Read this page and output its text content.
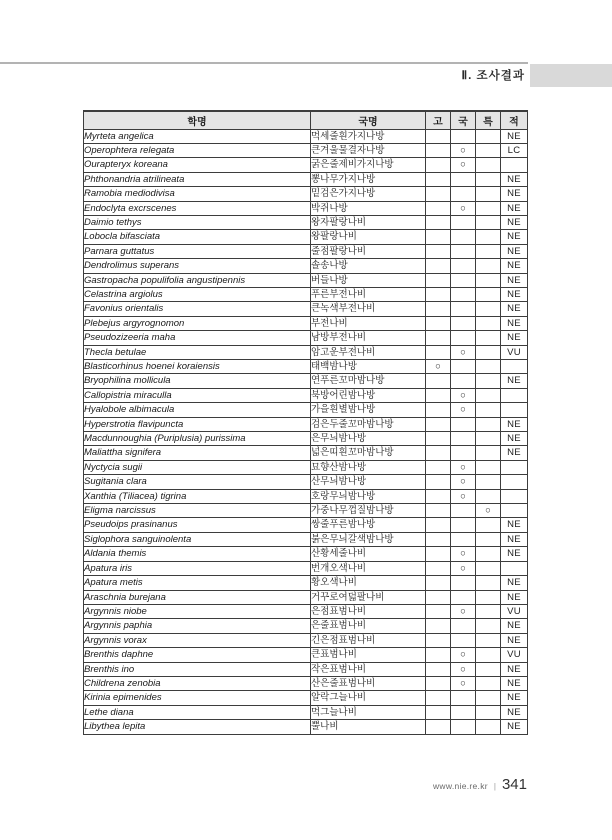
Ⅱ. 조사결과
학명	국명	고	국	특	적
Myrteta angelica	먹세줄흰가지나방				NE
Operophtera relegata	큰겨울물결자나방		○		LC
Ourapteryx koreana	굵은줄제비가지나방		○		
Phthonandria atrilineata	뽕나무가지나방				NE
Ramobia mediodivisa	밑검은가지나방				NE
Endoclyta excrscenes	박쥐나방		○		NE
Daimio tethys	왕자팔랑나비				NE
Lobocla bifasciata	왕팔랑나비				NE
Parnara guttatus	줄점팔랑나비				NE
Dendrolimus superans	솔송나방				NE
Gastropacha populifolia angustipennis	버들나방				NE
Celastrina argiolus	푸른부전나비				NE
Favonius orientalis	큰녹색부전나비				NE
Plebejus argyrognomon	부전나비				NE
Pseudozizeeria maha	남방부전나비				NE
Thecla betulae	암고운부전나비		○		VU
Blasticorhinus hoenei koraiensis	태백밤나방	○			
Bryophilina mollicula	연푸른꼬마밤나방				NE
Callopistria miraculla	북방어린밤나방		○		
Hyalobole albimacula	가을흰별밤나방		○		
Hyperstrotia flavipuncta	검은두줄꼬마밤나방				NE
Macdunnoughia (Puriplusia) purissima	은무늬밤나방				NE
Maliattha signifera	넓은띠흰꼬마밤나방				NE
Nyctycia sugii	묘향산밤나방		○		
Sugitania clara	산무늬밤나방		○		
Xanthia (Tiliacea) tigrina	호랑무늬밤나방		○		
Eligma narcissus	가중나무껍질밤나방			○	
Pseudoips prasinanus	쌍줄푸른밤나방				NE
Siglophora sanguinolenta	붉은무늬갈색밤나방				NE
Aldania themis	산황세줄나비		○		NE
Apatura iris	번개오색나비		○		
Apatura metis	황오색나비				NE
Araschnia burejana	거꾸로여덟팔나비				NE
Argynnis niobe	은점표범나비		○		VU
Argynnis paphia	은줄표범나비				NE
Argynnis vorax	긴은점표범나비				NE
Brenthis daphne	큰표범나비		○		VU
Brenthis ino	작은표범나비		○		NE
Childrena zenobia	산은줄표범나비		○		NE
Kirinia epimenides	알락그늘나비				NE
Lethe diana	먹그늘나비				NE
Libythea lepita	뿔나비				NE
www.nie.re.kr | 341
